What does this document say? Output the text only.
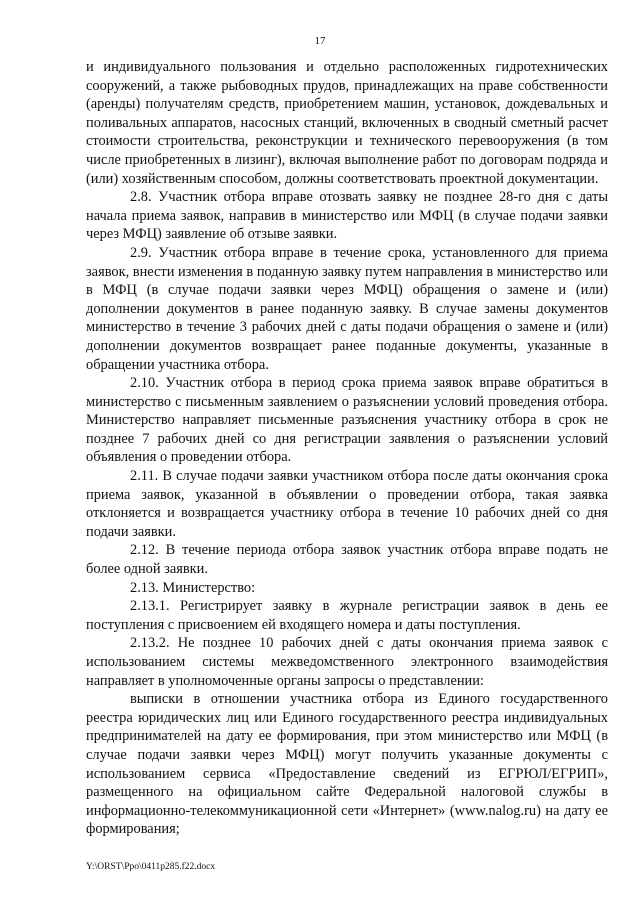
17

и индивидуального пользования и отдельно расположенных гидротехнических сооружений, а также рыбоводных прудов, принадлежащих на праве собственности (аренды) получателям средств, приобретением машин, установок, дождевальных и поливальных аппаратов, насосных станций, включенных в сводный сметный расчет стоимости строительства, реконструкции и технического перевооружения (в том числе приобретенных в лизинг), включая выполнение работ по договорам подряда и (или) хозяйственным способом, должны соответствовать проектной документации.

2.8. Участник отбора вправе отозвать заявку не позднее 28-го дня с даты начала приема заявок, направив в министерство или МФЦ (в случае подачи заявки через МФЦ) заявление об отзыве заявки.

2.9. Участник отбора вправе в течение срока, установленного для приема заявок, внести изменения в поданную заявку путем направления в министерство или в МФЦ (в случае подачи заявки через МФЦ) обращения о замене и (или) дополнении документов в ранее поданную заявку. В случае замены документов министерство в течение 3 рабочих дней с даты подачи обращения о замене и (или) дополнении документов возвращает ранее поданные документы, указанные в обращении участника отбора.

2.10. Участник отбора в период срока приема заявок вправе обратиться в министерство с письменным заявлением о разъяснении условий проведения отбора. Министерство направляет письменные разъяснения участнику отбора в срок не позднее 7 рабочих дней со дня регистрации заявления о разъяснении условий объявления о проведении отбора.

2.11. В случае подачи заявки участником отбора после даты окончания срока приема заявок, указанной в объявлении о проведении отбора, такая заявка отклоняется и возвращается участнику отбора в течение 10 рабочих дней со дня подачи заявки.

2.12. В течение периода отбора заявок участник отбора вправе подать не более одной заявки.

2.13. Министерство:

2.13.1. Регистрирует заявку в журнале регистрации заявок в день ее поступления с присвоением ей входящего номера и даты поступления.

2.13.2. Не позднее 10 рабочих дней с даты окончания приема заявок с использованием системы межведомственного электронного взаимодействия направляет в уполномоченные органы запросы о представлении:

выписки в отношении участника отбора из Единого государственного реестра юридических лиц или Единого государственного реестра индивидуальных предпринимателей на дату ее формирования, при этом министерство или МФЦ (в случае подачи заявки через МФЦ) могут получить указанные документы с использованием сервиса «Предоставление сведений из ЕГРЮЛ/ЕГРИП», размещенного на официальном сайте Федеральной налоговой службы в информационно-телекоммуникационной сети «Интернет» (www.nalog.ru) на дату ее формирования;

Y:\ORST\Ppo\0411p285.f22.docx
